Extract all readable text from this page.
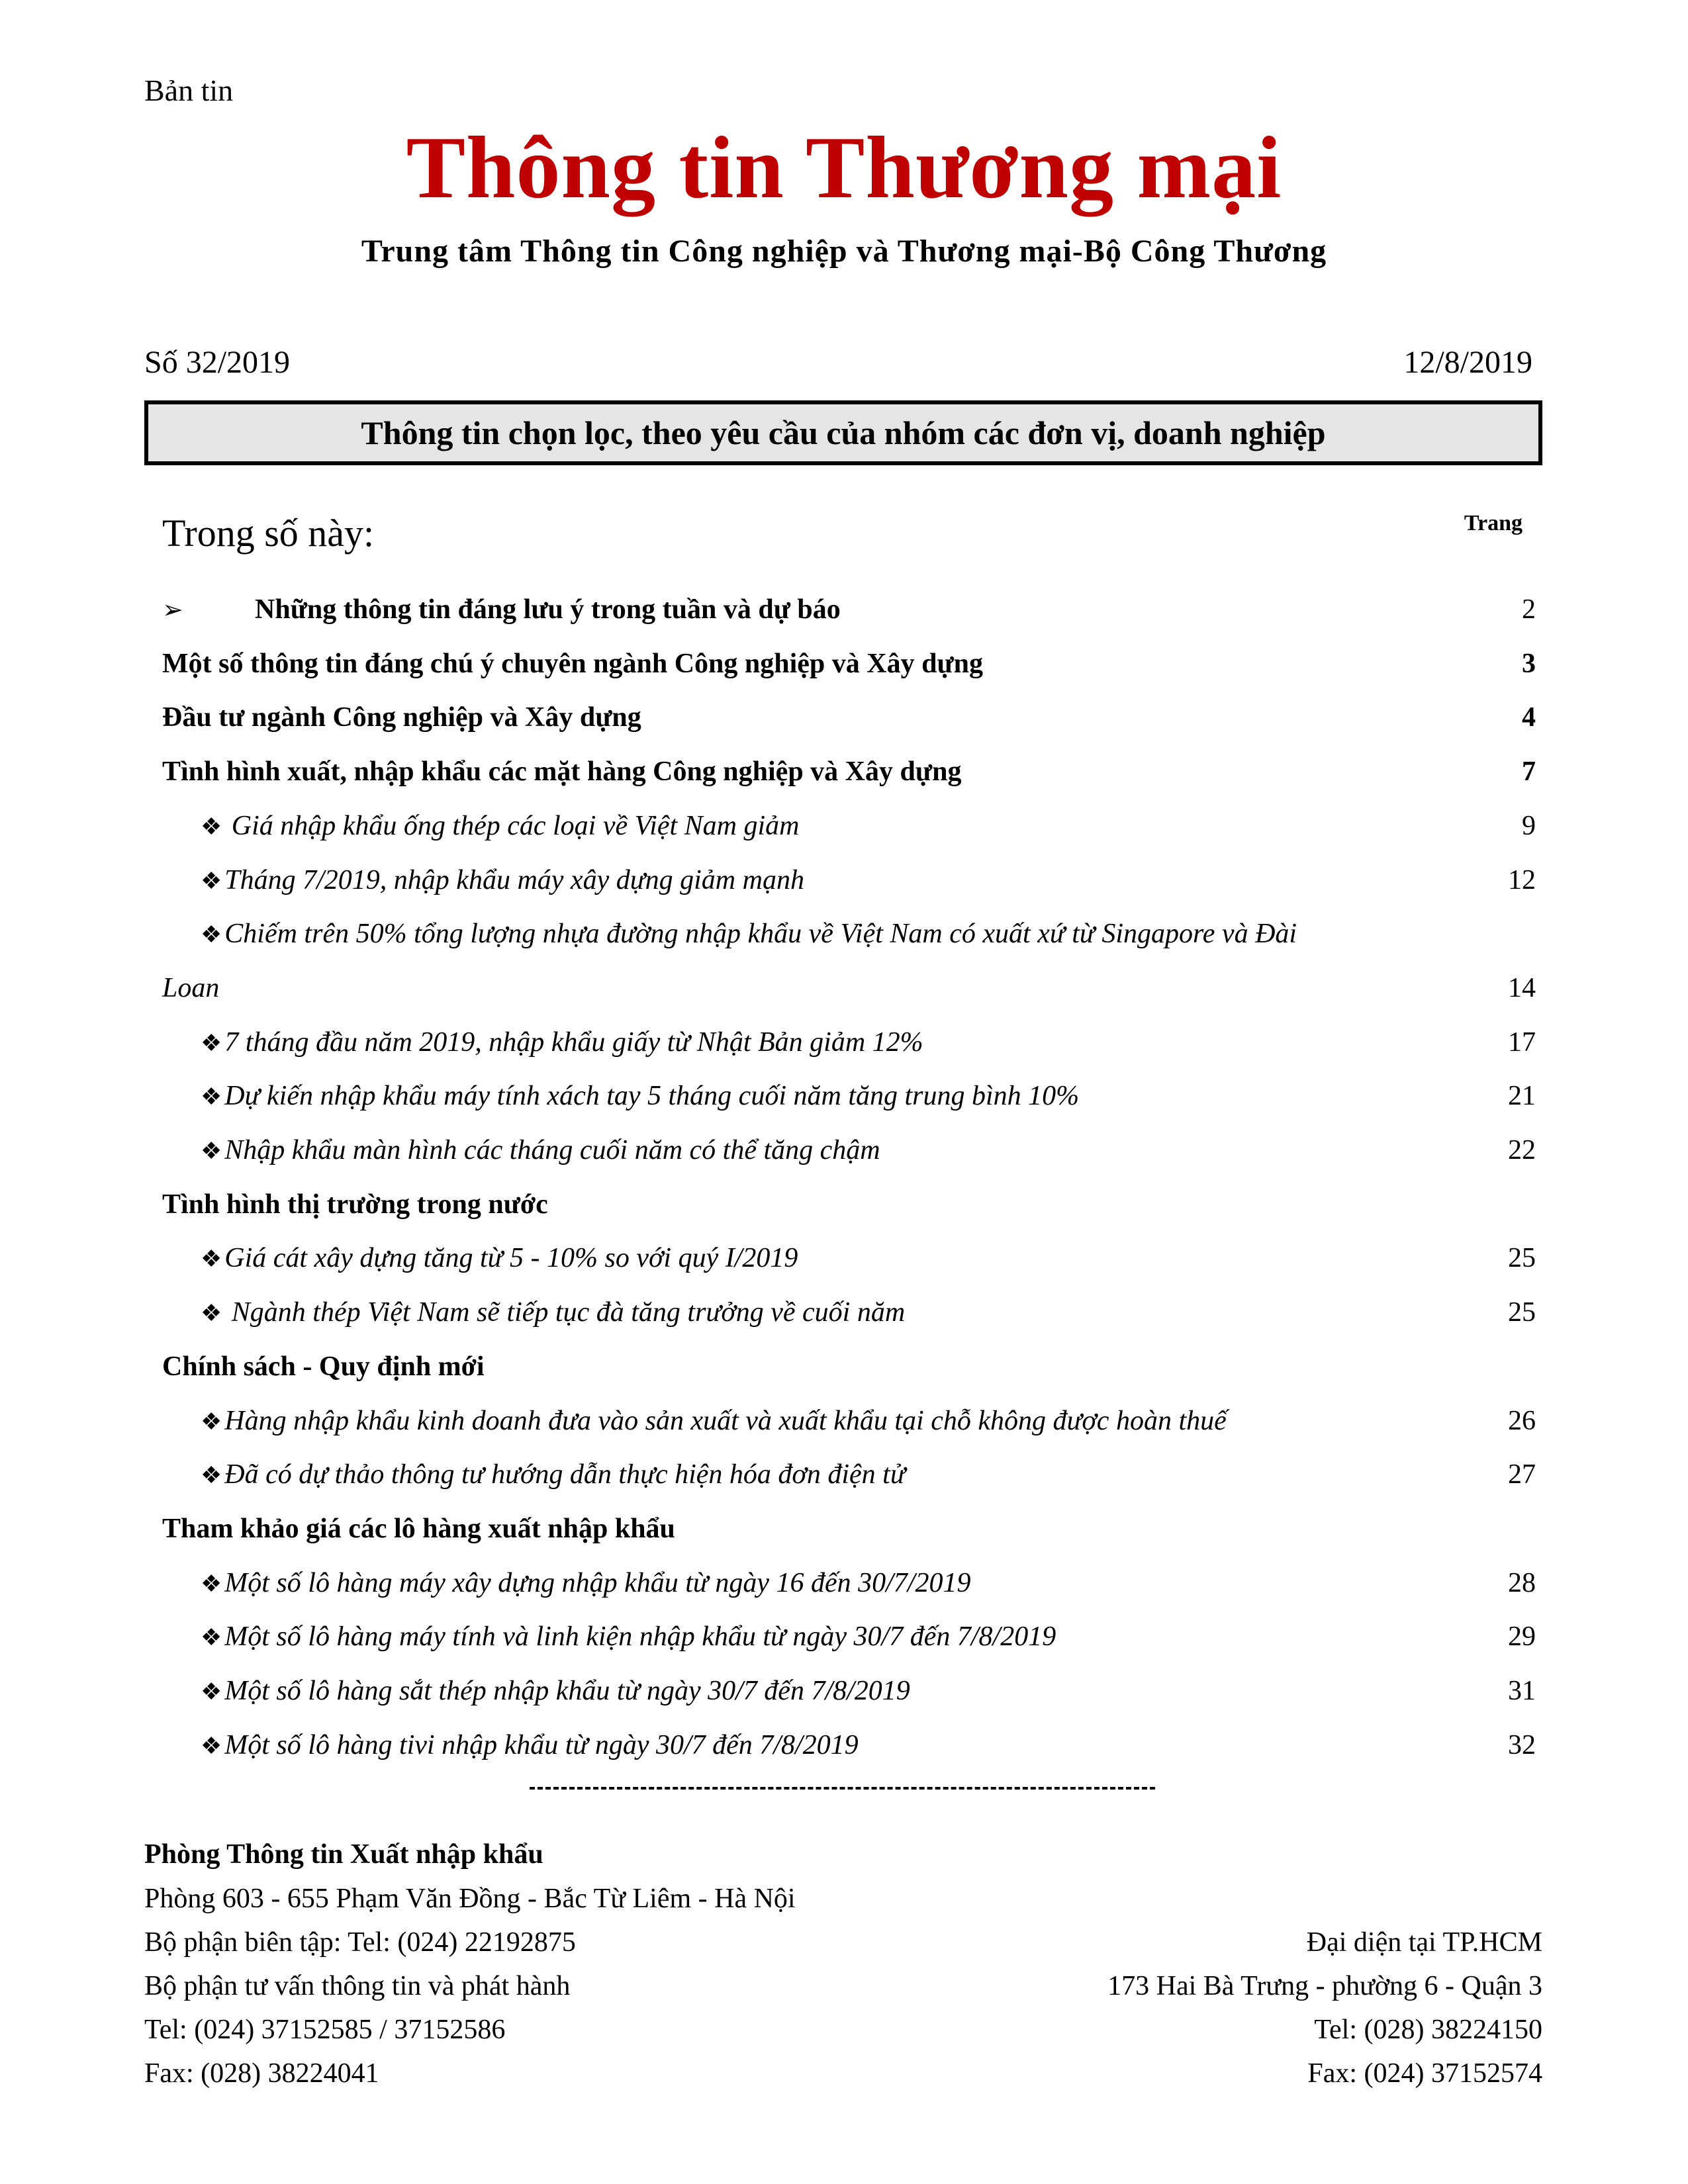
Bản tin
Thông tin Thương mại
Trung tâm Thông tin Công nghiệp và Thương mại-Bộ Công Thương
Số 32/2019	12/8/2019
Thông tin chọn lọc, theo yêu cầu của nhóm các đơn vị, doanh nghiệp
Trong số này:	Trang
➢	Những thông tin đáng lưu ý trong tuần và dự báo	2
Một số thông tin đáng chú ý chuyên ngành Công nghiệp và Xây dựng	3
Đầu tư ngành Công nghiệp và Xây dựng	4
Tình hình xuất, nhập khẩu các mặt hàng Công nghiệp và Xây dựng	7
❖ Giá nhập khẩu ống thép các loại về Việt Nam giảm	9
❖Tháng 7/2019, nhập khẩu máy xây dựng giảm mạnh	12
❖Chiếm trên 50% tổng lượng nhựa đường nhập khẩu về Việt Nam có xuất xứ từ Singapore và Đài
Loan	14
❖7 tháng đầu năm 2019, nhập khẩu giấy từ Nhật Bản giảm 12%	17
❖Dự kiến nhập khẩu máy tính xách tay 5 tháng cuối năm tăng trung bình 10%	21
❖Nhập khẩu màn hình các tháng cuối năm có thể tăng chậm	22
Tình hình thị trường trong nước
❖Giá cát xây dựng tăng từ 5 - 10% so với quý I/2019	25
❖ Ngành thép Việt Nam sẽ tiếp tục đà tăng trưởng về cuối năm	25
Chính sách - Quy định mới
❖Hàng nhập khẩu kinh doanh đưa vào sản xuất và xuất khẩu tại chỗ không được hoàn thuế	26
❖Đã có dự thảo thông tư hướng dẫn thực hiện hóa đơn điện tử	27
Tham khảo giá các lô hàng xuất nhập khẩu
❖Một số lô hàng máy xây dựng nhập khẩu từ ngày 16 đến 30/7/2019	28
❖Một số lô hàng máy tính và linh kiện nhập khẩu từ ngày 30/7 đến 7/8/2019	29
❖Một số lô hàng sắt thép nhập khẩu từ ngày 30/7 đến 7/8/2019	31
❖Một số lô hàng tivi nhập khẩu từ ngày 30/7 đến 7/8/2019	32
Phòng Thông tin Xuất nhập khẩu
Phòng 603 - 655 Phạm Văn Đồng - Bắc Từ Liêm - Hà Nội
Bộ phận biên tập: Tel: (024) 22192875
Bộ phận tư vấn thông tin và phát hành
Tel: (024) 37152585 / 37152586
Fax: (028) 38224041
Đại diện tại TP.HCM
173 Hai Bà Trưng - phường 6 - Quận 3
Tel: (028) 38224150
Fax: (024) 37152574
